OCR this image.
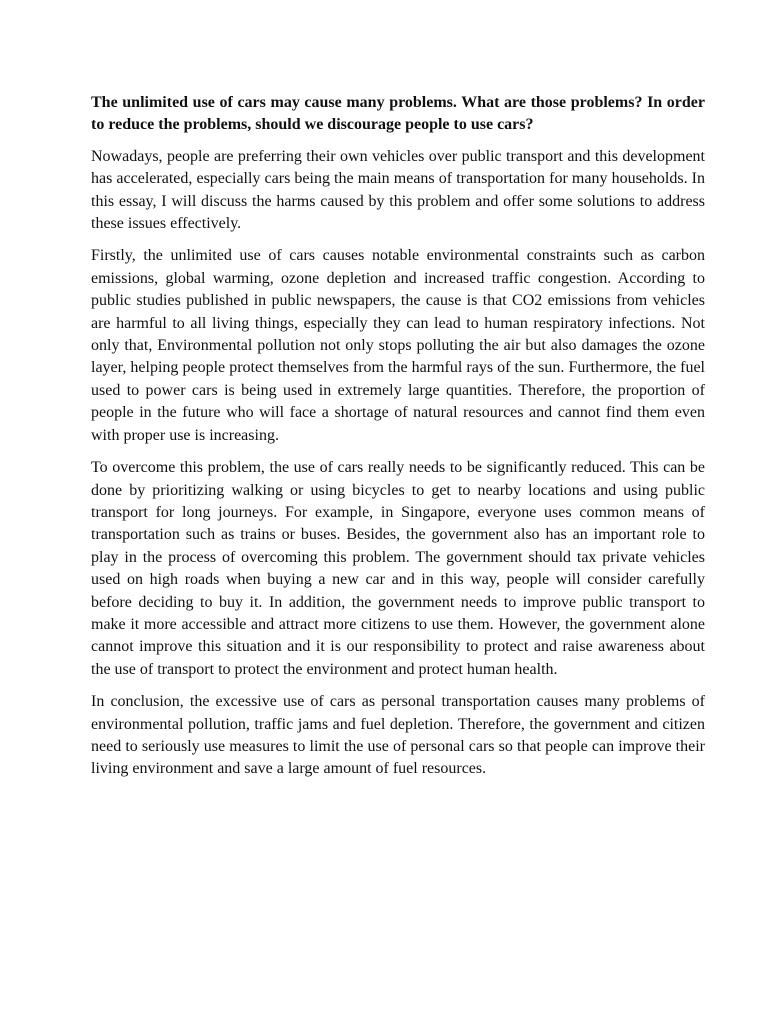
The unlimited use of cars may cause many problems. What are those problems? In order to reduce the problems, should we discourage people to use cars?

Nowadays, people are preferring their own vehicles over public transport and this development has accelerated, especially cars being the main means of transportation for many households. In this essay, I will discuss the harms caused by this problem and offer some solutions to address these issues effectively.

Firstly, the unlimited use of cars causes notable environmental constraints such as carbon emissions, global warming, ozone depletion and increased traffic congestion. According to public studies published in public newspapers, the cause is that CO2 emissions from vehicles are harmful to all living things, especially they can lead to human respiratory infections. Not only that, Environmental pollution not only stops polluting the air but also damages the ozone layer, helping people protect themselves from the harmful rays of the sun. Furthermore, the fuel used to power cars is being used in extremely large quantities. Therefore, the proportion of people in the future who will face a shortage of natural resources and cannot find them even with proper use is increasing.

To overcome this problem, the use of cars really needs to be significantly reduced. This can be done by prioritizing walking or using bicycles to get to nearby locations and using public transport for long journeys. For example, in Singapore, everyone uses common means of transportation such as trains or buses. Besides, the government also has an important role to play in the process of overcoming this problem. The government should tax private vehicles used on high roads when buying a new car and in this way, people will consider carefully before deciding to buy it. In addition, the government needs to improve public transport to make it more accessible and attract more citizens to use them. However, the government alone cannot improve this situation and it is our responsibility to protect and raise awareness about the use of transport to protect the environment and protect human health.

In conclusion, the excessive use of cars as personal transportation causes many problems of environmental pollution, traffic jams and fuel depletion. Therefore, the government and citizen need to seriously use measures to limit the use of personal cars so that people can improve their living environment and save a large amount of fuel resources.
